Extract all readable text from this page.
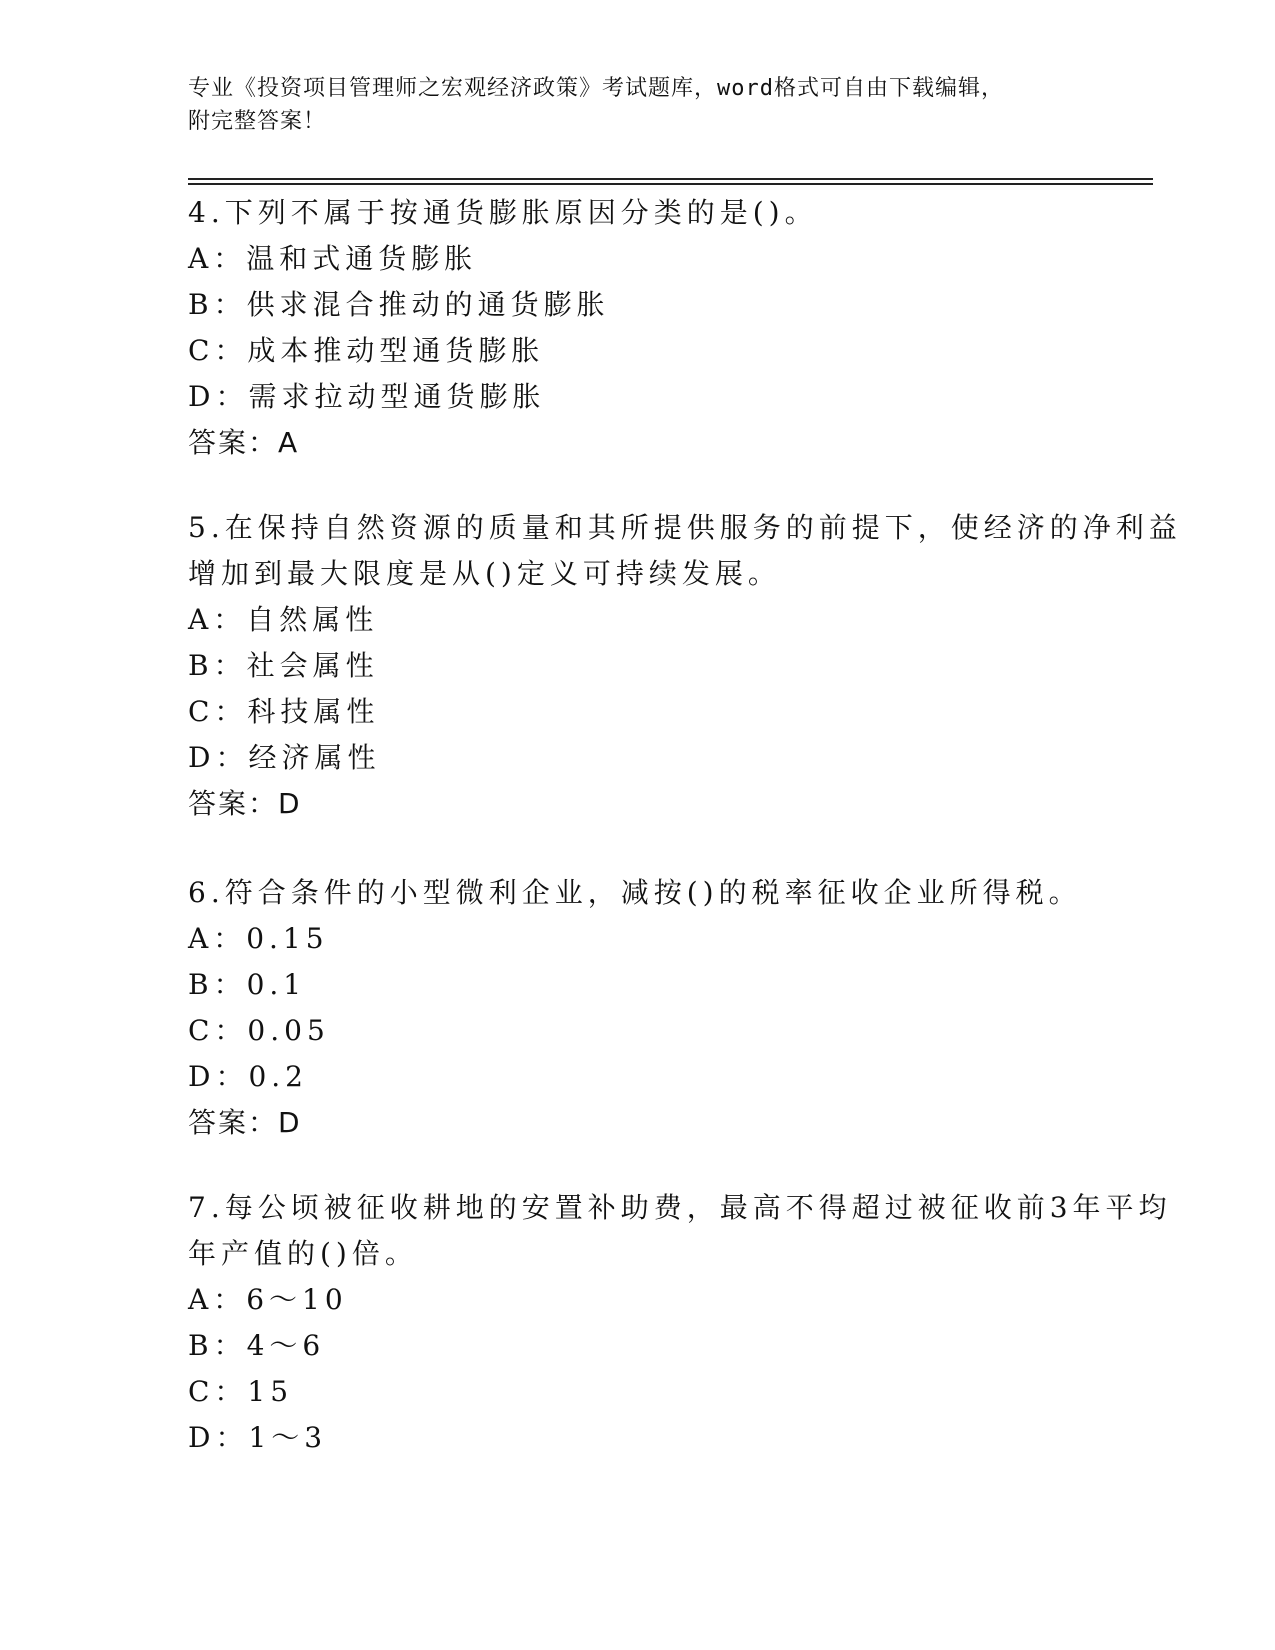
专业《投资项目管理师之宏观经济政策》考试题库，word格式可自由下载编辑，
附完整答案！
4.下列不属于按通货膨胀原因分类的是()。
A：温和式通货膨胀
B：供求混合推动的通货膨胀
C：成本推动型通货膨胀
D：需求拉动型通货膨胀
答案：A
5.在保持自然资源的质量和其所提供服务的前提下，使经济的净利益
增加到最大限度是从()定义可持续发展。
A：自然属性
B：社会属性
C：科技属性
D：经济属性
答案：D
6.符合条件的小型微利企业，减按()的税率征收企业所得税。
A：0.15
B：0.1
C：0.05
D：0.2
答案：D
7.每公顷被征收耕地的安置补助费，最高不得超过被征收前3年平均
年产值的()倍。
A：6～10
B：4～6
C：15
D：1～3
